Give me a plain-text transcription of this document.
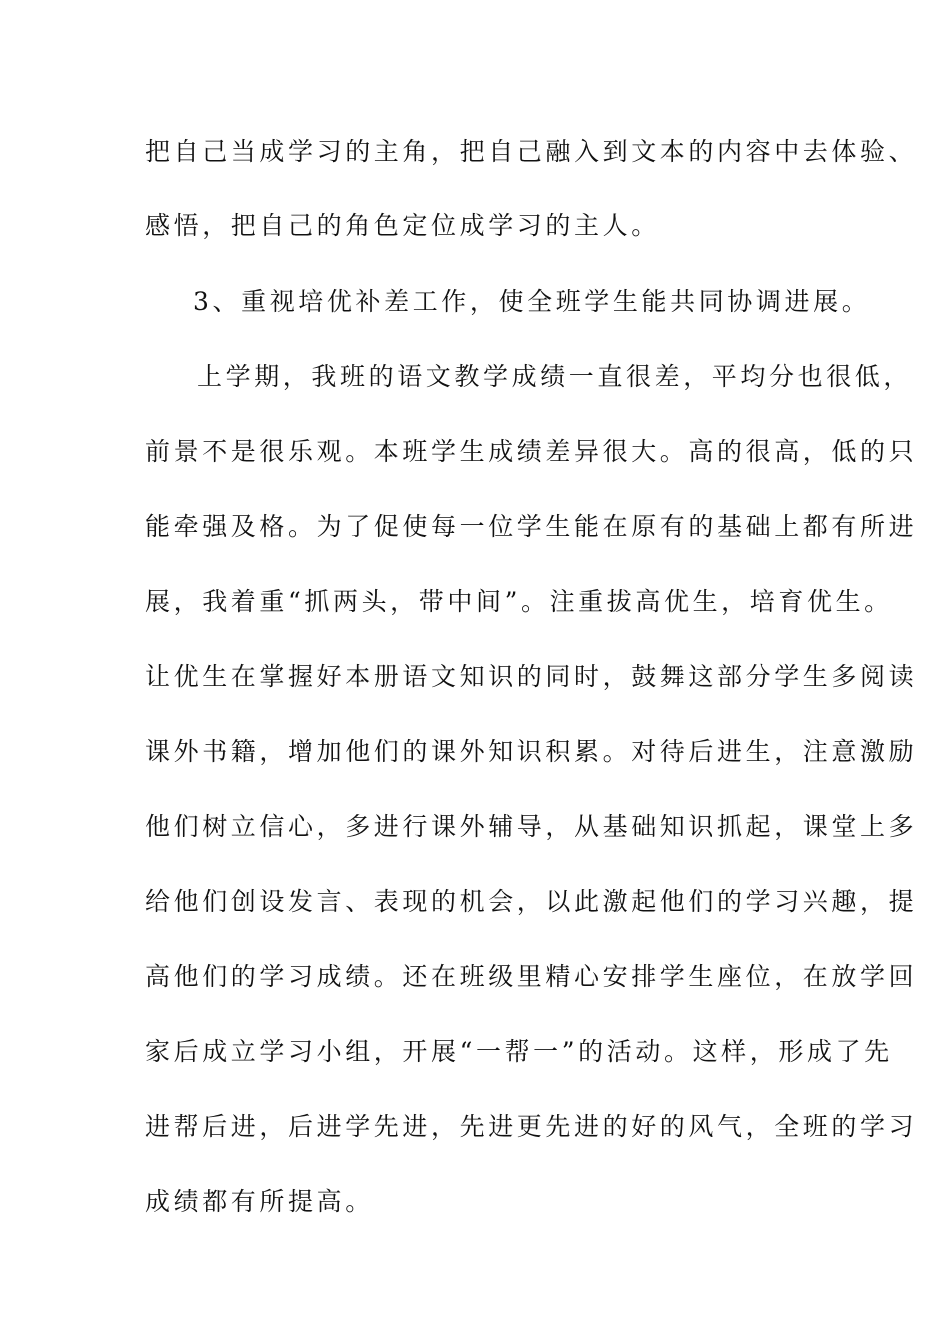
把自己当成学习的主角，把自己融入到文本的内容中去体验、
感悟，把自己的角色定位成学习的主人。
3、重视培优补差工作，使全班学生能共同协调进展。
上学期，我班的语文教学成绩一直很差，平均分也很低，
前景不是很乐观。本班学生成绩差异很大。高的很高，低的只
能牵强及格。为了促使每一位学生能在原有的基础上都有所进
展，我着重“抓两头，带中间”。注重拔高优生，培育优生。
让优生在掌握好本册语文知识的同时，鼓舞这部分学生多阅读
课外书籍，增加他们的课外知识积累。对待后进生，注意激励
他们树立信心，多进行课外辅导，从基础知识抓起，课堂上多
给他们创设发言、表现的机会，以此激起他们的学习兴趣，提
高他们的学习成绩。还在班级里精心安排学生座位，在放学回
家后成立学习小组，开展“一帮一”的活动。这样，形成了先
进帮后进，后进学先进，先进更先进的好的风气，全班的学习
成绩都有所提高。
